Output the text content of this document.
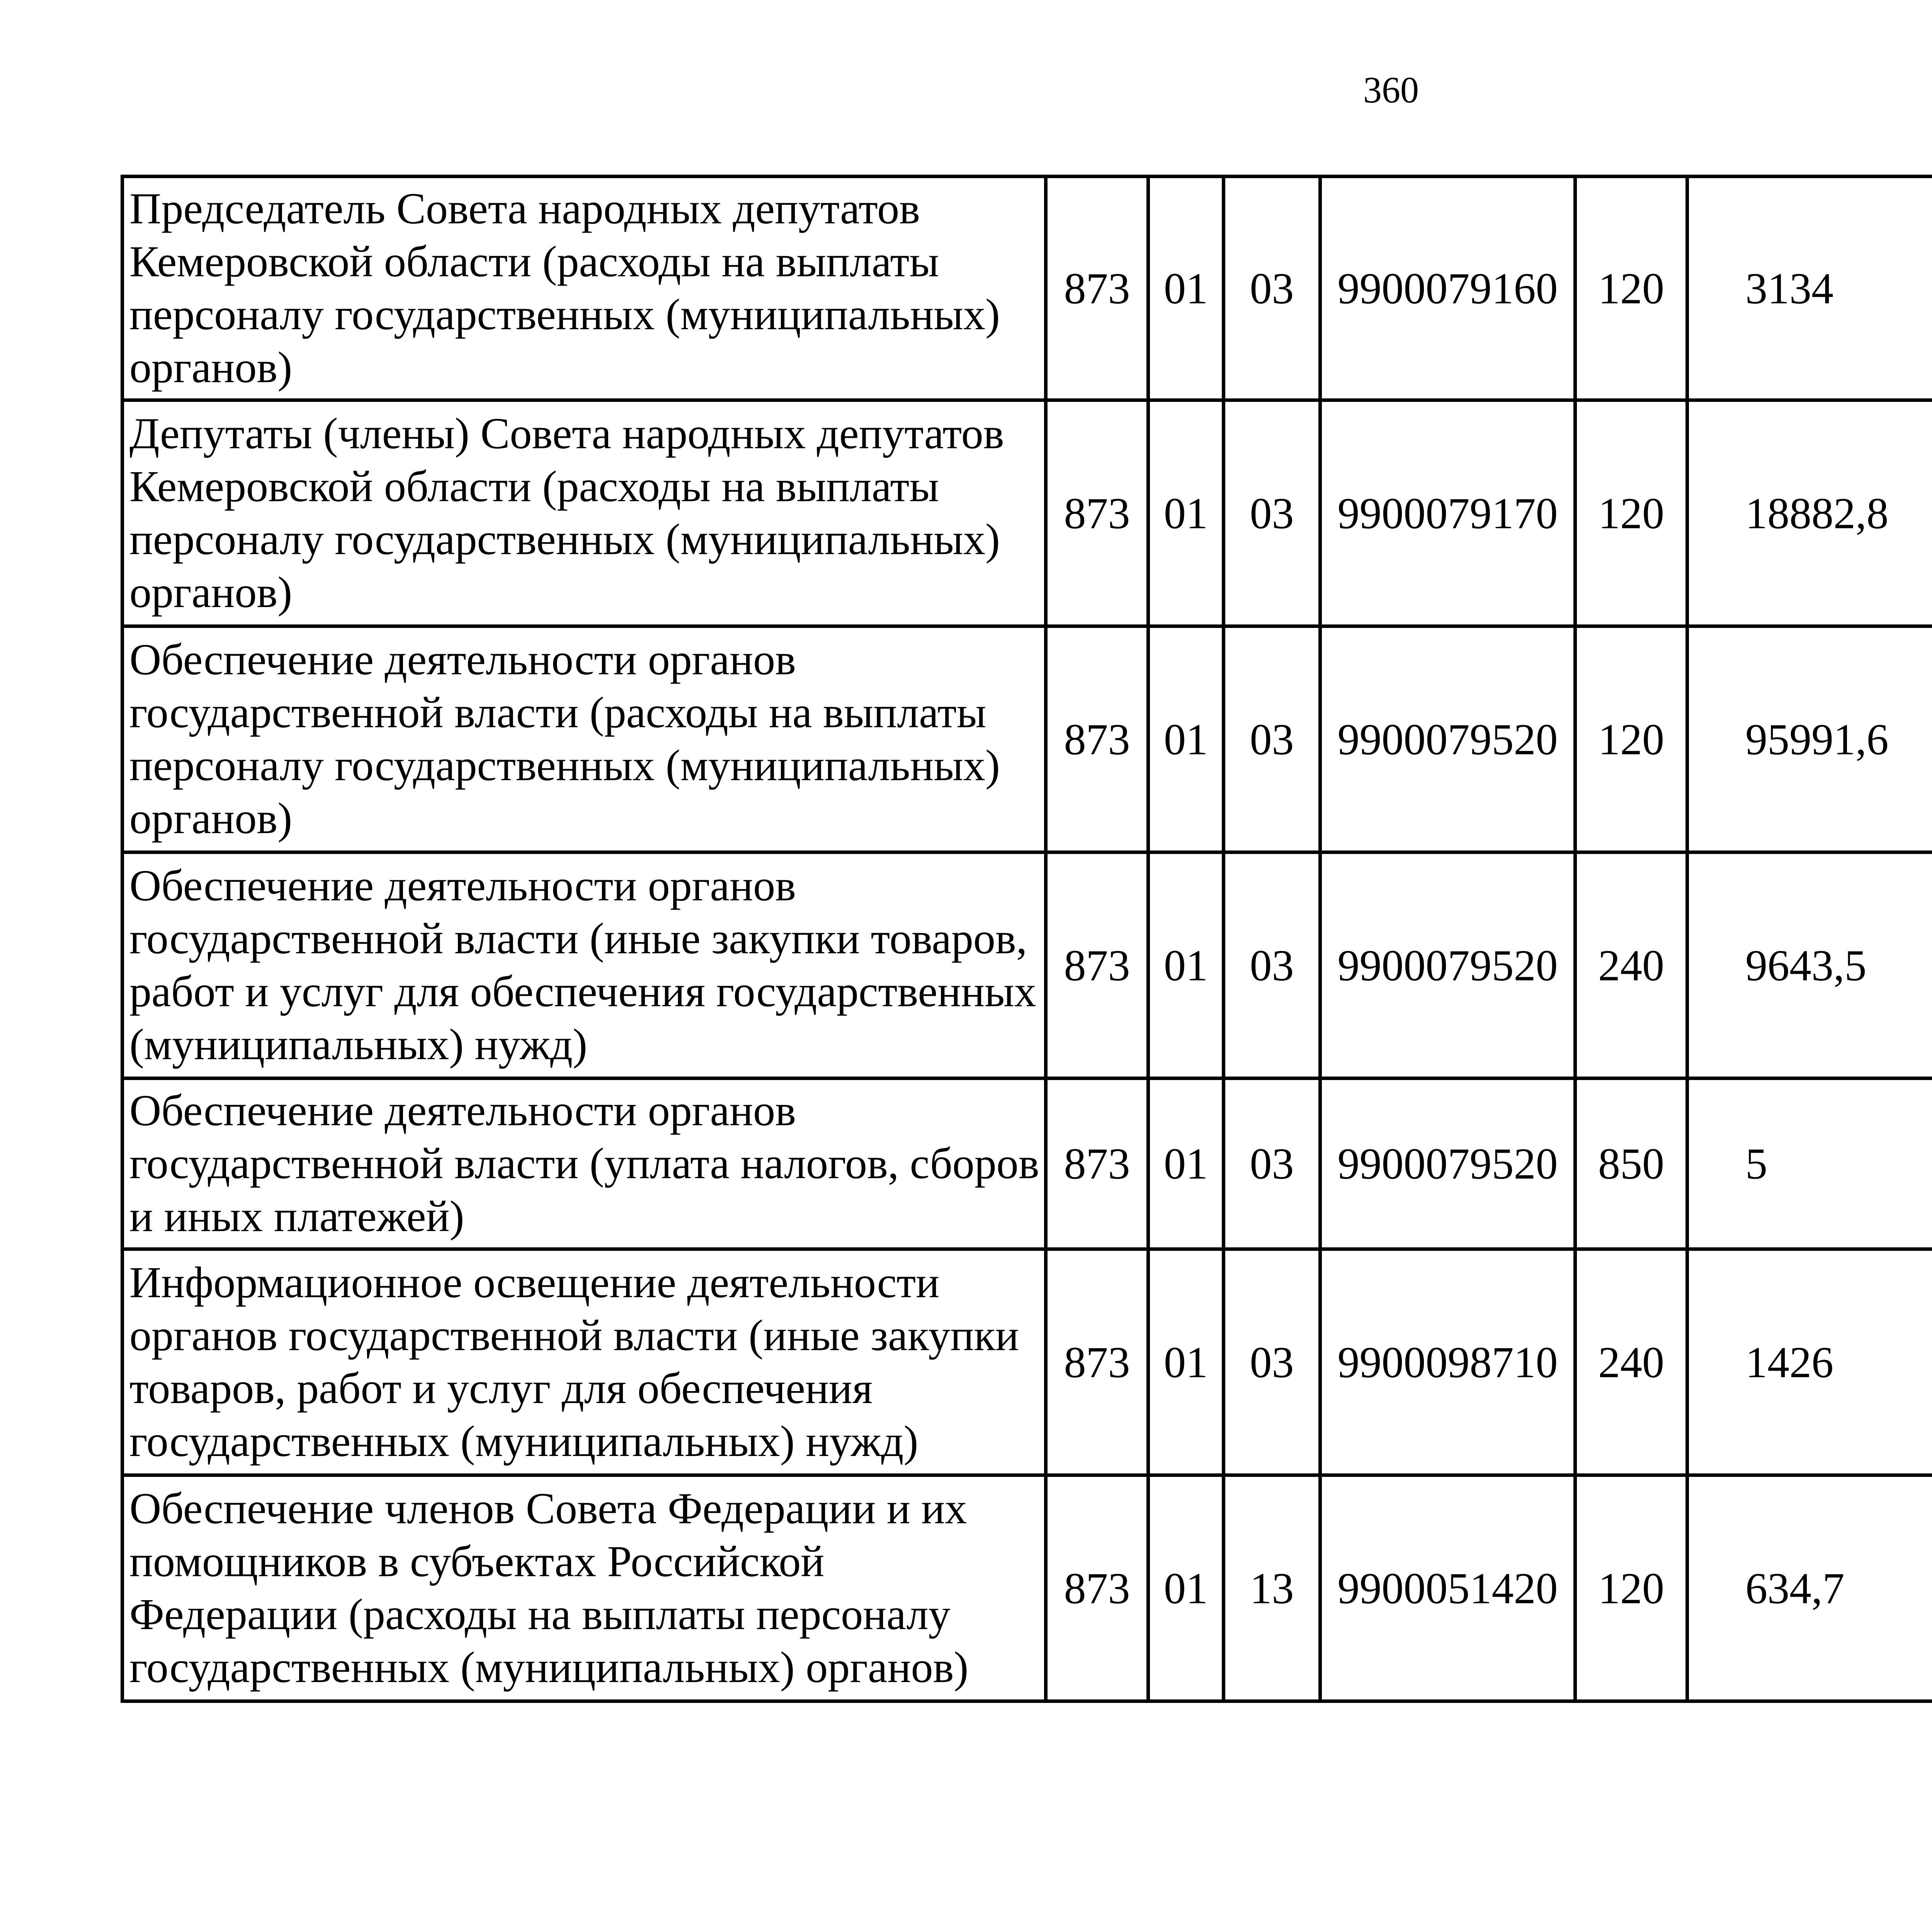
360
Председатель Совета народных депутатов Кемеровской области (расходы на выплаты персоналу государственных (муниципальных) органов)	873	01	03	9900079160	120	3134		
Депутаты (члены) Совета народных депутатов Кемеровской области (расходы на выплаты персоналу государственных (муниципальных) органов)	873	01	03	9900079170	120	18882,8		
Обеспечение деятельности органов государственной власти (расходы на выплаты персоналу государственных (муниципальных) органов)	873	01	03	9900079520	120	95991,6		
Обеспечение деятельности органов государственной власти (иные закупки товаров, работ и услуг для обеспечения государственных (муниципальных) нужд)	873	01	03	9900079520	240	9643,5		
Обеспечение деятельности органов государственной власти (уплата налогов, сборов и иных платежей)	873	01	03	9900079520	850	5		
Информационное освещение деятельности органов государственной власти (иные закупки товаров, работ и услуг для обеспечения государственных (муниципальных) нужд)	873	01	03	9900098710	240	1426		
Обеспечение членов Совета Федерации и их помощников в субъектах Российской Федерации (расходы на выплаты персоналу государственных (муниципальных) органов)	873	01	13	9900051420	120	634,7		
